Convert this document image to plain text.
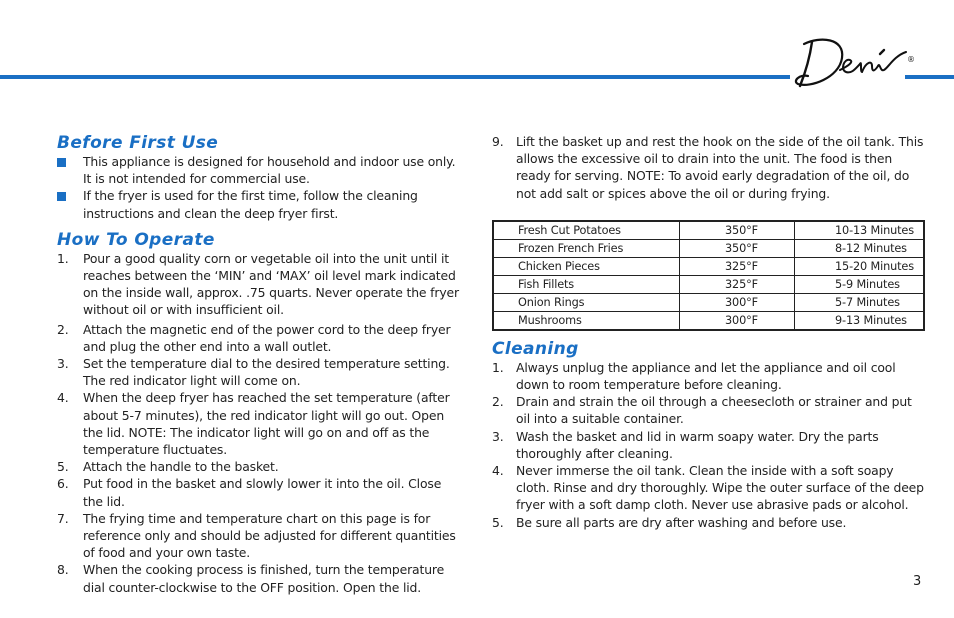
Deni
®
Before First Use
This appliance is designed for household and indoor use only. It is not intended for commercial use.
If the fryer is used for the first time, follow the cleaning instructions and clean the deep fryer first.
How To Operate
1. Pour a good quality corn or vegetable oil into the unit until it reaches between the ‘MIN’ and ‘MAX’ oil level mark indicated on the inside wall, approx. .75 quarts. Never operate the fryer without oil or with insufficient oil.
2. Attach the magnetic end of the power cord to the deep fryer and plug the other end into a wall outlet.
3. Set the temperature dial to the desired temperature setting. The red indicator light will come on.
4. When the deep fryer has reached the set temperature (after about 5-7 minutes), the red indicator light will go out. Open the lid. NOTE: The indicator light will go on and off as the temperature fluctuates.
5. Attach the handle to the basket.
6. Put food in the basket and slowly lower it into the oil. Close the lid.
7. The frying time and temperature chart on this page is for reference only and should be adjusted for different quantities of food and your own taste.
8. When the cooking process is finished, turn the temperature dial counter-clockwise to the OFF position. Open the lid.
9. Lift the basket up and rest the hook on the side of the oil tank. This allows the excessive oil to drain into the unit. The food is then ready for serving. NOTE: To avoid early degradation of the oil, do not add salt or spices above the oil or during frying.
Fresh Cut Potatoes	350°F	10-13 Minutes
Frozen French Fries	350°F	8-12 Minutes
Chicken Pieces	325°F	15-20 Minutes
Fish Fillets	325°F	5-9 Minutes
Onion Rings	300°F	5-7 Minutes
Mushrooms	300°F	9-13 Minutes
Cleaning
1. Always unplug the appliance and let the appliance and oil cool down to room temperature before cleaning.
2. Drain and strain the oil through a cheesecloth or strainer and put oil into a suitable container.
3. Wash the basket and lid in warm soapy water. Dry the parts thoroughly after cleaning.
4. Never immerse the oil tank. Clean the inside with a soft soapy cloth. Rinse and dry thoroughly. Wipe the outer surface of the deep fryer with a soft damp cloth. Never use abrasive pads or alcohol.
5. Be sure all parts are dry after washing and before use.
3
